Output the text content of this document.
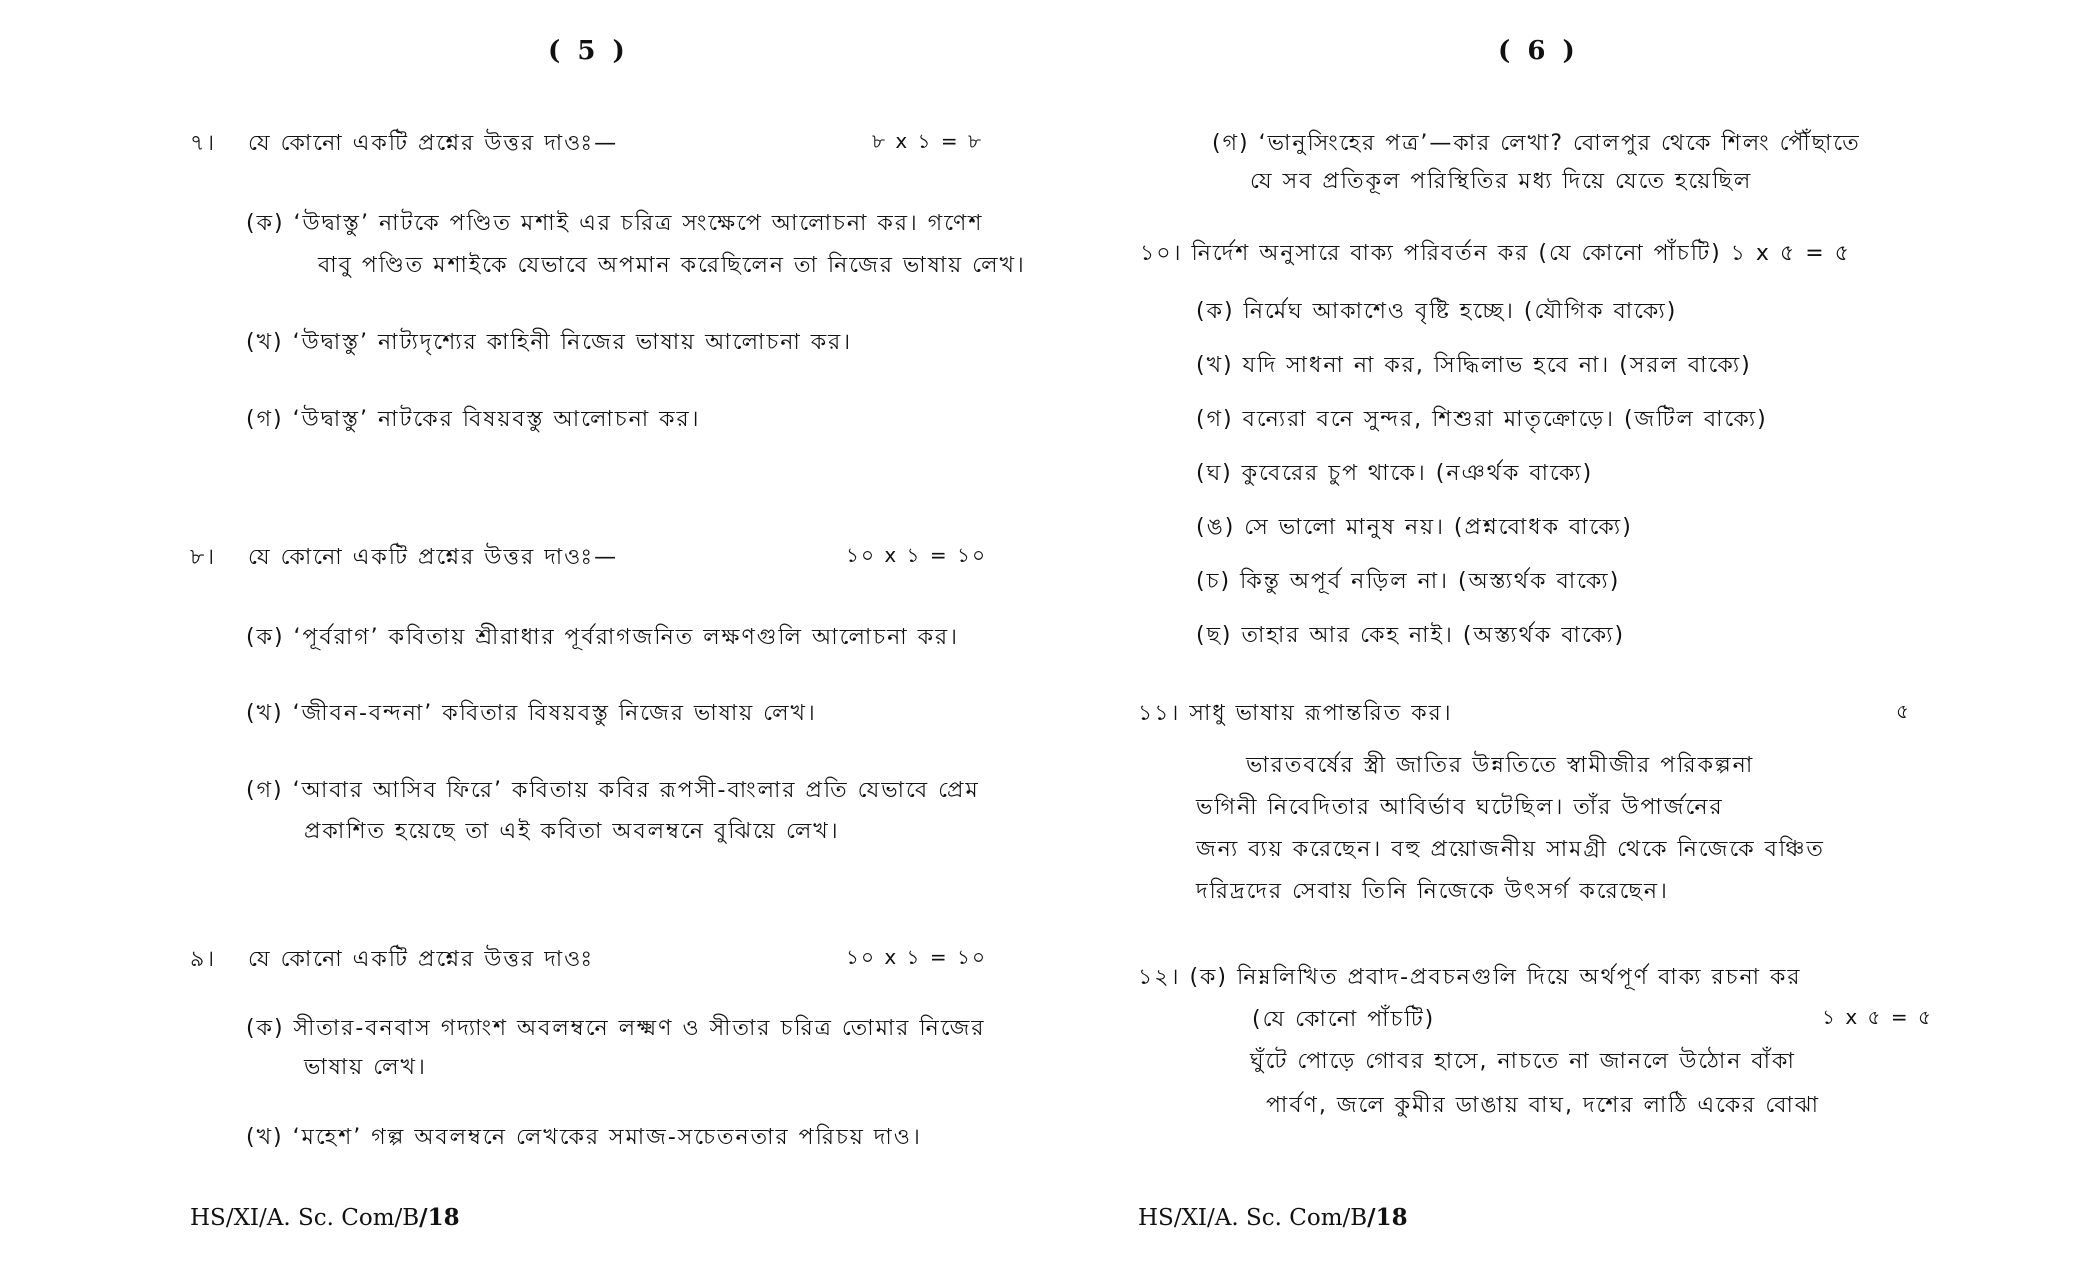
( 5 )	( 6 )
৭। যে কোনো একটি প্রশ্নের উত্তর দাওঃ—	৮ x ১ = ৮
(ক) ‘উদ্বাস্তু’ নাটকে পণ্ডিত মশাই এর চরিত্র সংক্ষেপে আলোচনা কর। গণেশ
বাবু পণ্ডিত মশাইকে যেভাবে অপমান করেছিলেন তা নিজের ভাষায় লেখ।
(খ) ‘উদ্বাস্তু’ নাট্যদৃশ্যের কাহিনী নিজের ভাষায় আলোচনা কর।
(গ) ‘উদ্বাস্তু’ নাটকের বিষয়বস্তু আলোচনা কর।
৮। যে কোনো একটি প্রশ্নের উত্তর দাওঃ—	১০ x ১ = ১০
(ক) ‘পূর্বরাগ’ কবিতায় শ্রীরাধার পূর্বরাগজনিত লক্ষণগুলি আলোচনা কর।
(খ) ‘জীবন-বন্দনা’ কবিতার বিষয়বস্তু নিজের ভাষায় লেখ।
(গ) ‘আবার আসিব ফিরে’ কবিতায় কবির রূপসী-বাংলার প্রতি যেভাবে প্রেম
প্রকাশিত হয়েছে তা এই কবিতা অবলম্বনে বুঝিয়ে লেখ।
৯। যে কোনো একটি প্রশ্নের উত্তর দাওঃ	১০ x ১ = ১০
(ক) সীতার-বনবাস গদ্যাংশ অবলম্বনে লক্ষ্মণ ও সীতার চরিত্র তোমার নিজের
ভাষায় লেখ।
(খ) ‘মহেশ’ গল্প অবলম্বনে লেখকের সমাজ-সচেতনতার পরিচয় দাও।
HS/XI/A. Sc. Com/B/18
(গ) ‘ভানুসিংহের পত্র’—কার লেখা? বোলপুর থেকে শিলং পৌঁছাতে
যে সব প্রতিকূল পরিস্থিতির মধ্য দিয়ে যেতে হয়েছিল
১০। নির্দেশ অনুসারে বাক্য পরিবর্তন কর (যে কোনো পাঁচটি) ১ x ৫ = ৫
(ক) নির্মেঘ আকাশেও বৃষ্টি হচ্ছে। (যৌগিক বাক্যে)
(খ) যদি সাধনা না কর, সিদ্ধিলাভ হবে না। (সরল বাক্যে)
(গ) বন্যেরা বনে সুন্দর, শিশুরা মাতৃক্রোড়ে। (জটিল বাক্যে)
(ঘ) কুবেরের চুপ থাকে। (নঞর্থক বাক্যে)
(ঙ) সে ভালো মানুষ নয়। (প্রশ্নবোধক বাক্যে)
(চ) কিন্তু অপূর্ব নড়িল না। (অস্ত্যর্থক বাক্যে)
(ছ) তাহার আর কেহ নাই। (অস্ত্যর্থক বাক্যে)
১১। সাধু ভাষায় রূপান্তরিত কর।	৫
ভারতবর্ষের স্ত্রী জাতির উন্নতিতে স্বামীজীর পরিকল্পনা
ভগিনী নিবেদিতার আবির্ভাব ঘটেছিল। তাঁর উপার্জনের
জন্য ব্যয় করেছেন। বহু প্রয়োজনীয় সামগ্রী থেকে নিজেকে বঞ্চিত
দরিদ্রদের সেবায় তিনি নিজেকে উৎসর্গ করেছেন।
১২। (ক) নিম্নলিখিত প্রবাদ-প্রবচনগুলি দিয়ে অর্থপূর্ণ বাক্য রচনা কর
(যে কোনো পাঁচটি)	১ x ৫ = ৫
ঘুঁটে পোড়ে গোবর হাসে, নাচতে না জানলে উঠোন বাঁকা
পার্বণ, জলে কুমীর ডাঙায় বাঘ, দশের লাঠি একের বোঝা
HS/XI/A. Sc. Com/B/18
